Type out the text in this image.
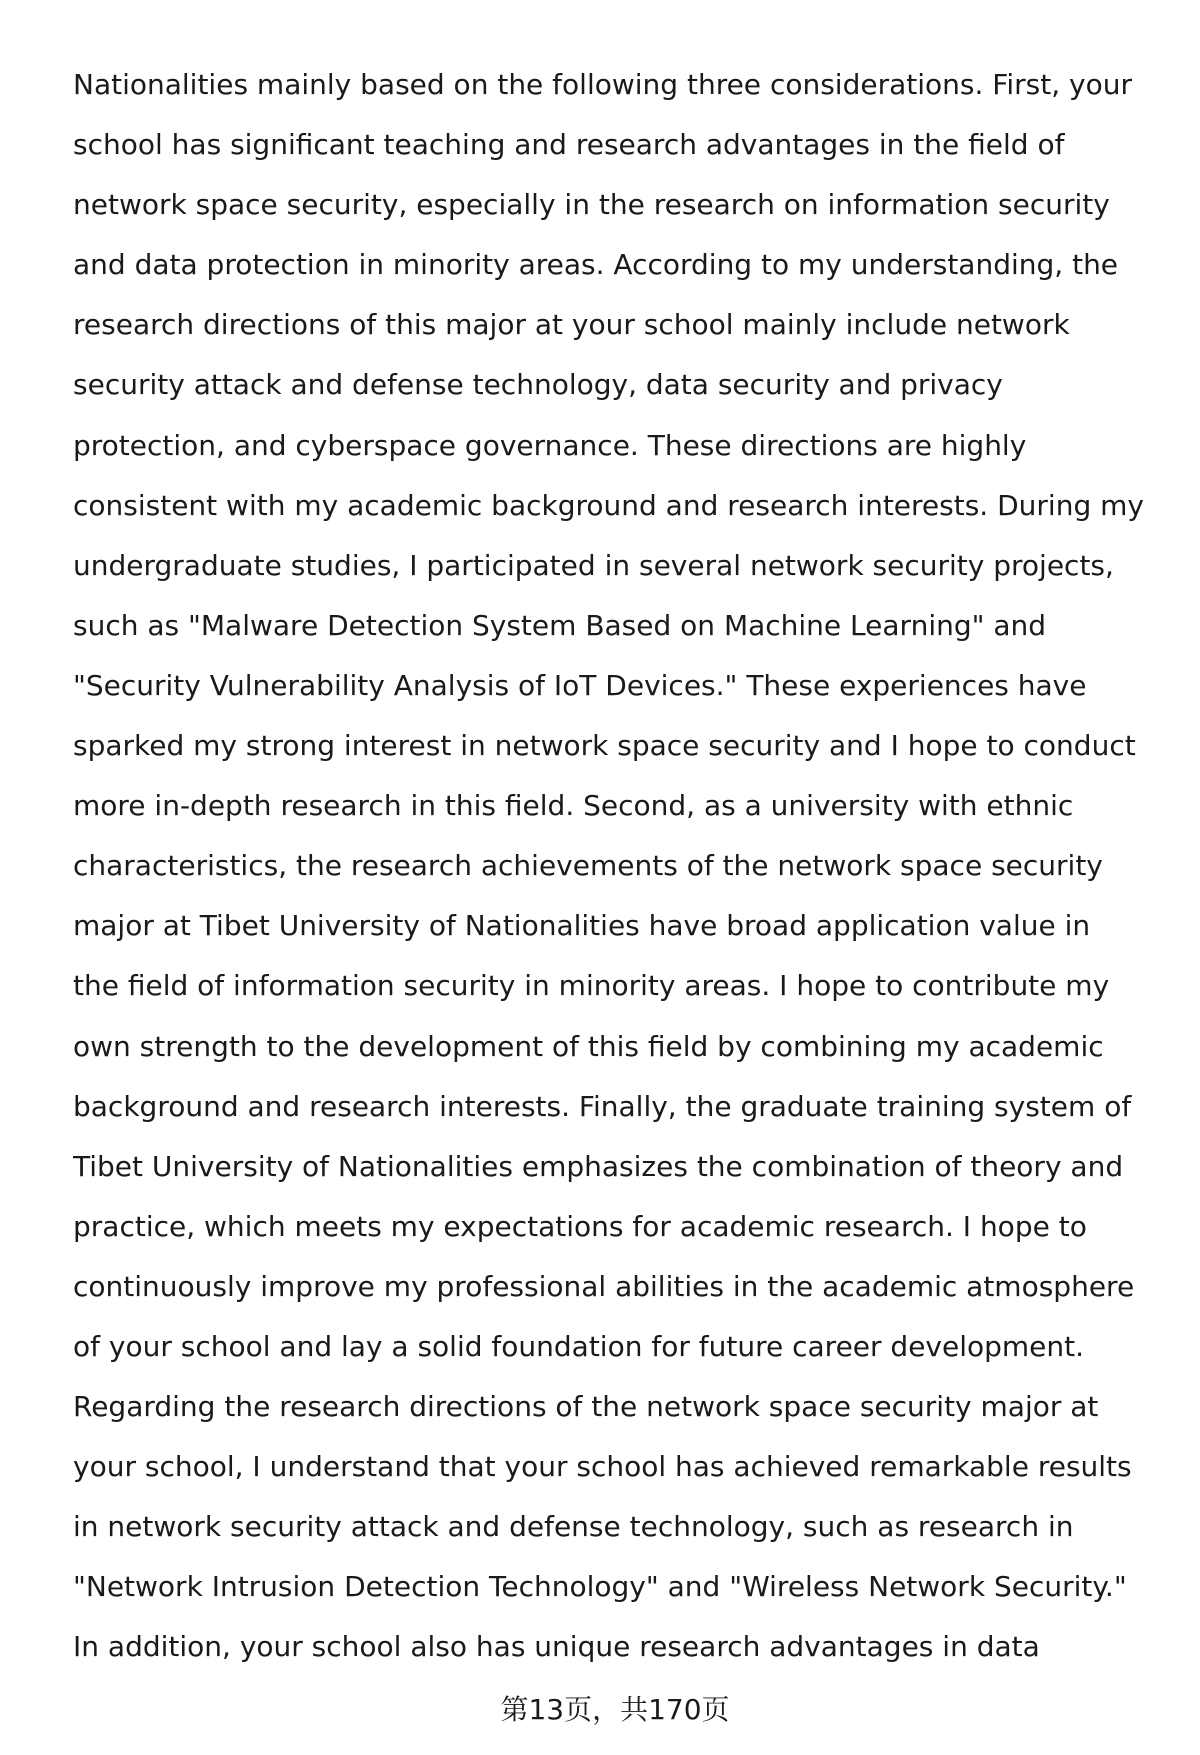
Nationalities mainly based on the following three considerations. First, your
school has significant teaching and research advantages in the field of
network space security, especially in the research on information security
and data protection in minority areas. According to my understanding, the
research directions of this major at your school mainly include network
security attack and defense technology, data security and privacy
protection, and cyberspace governance. These directions are highly
consistent with my academic background and research interests. During my
undergraduate studies, I participated in several network security projects,
such as "Malware Detection System Based on Machine Learning" and
"Security Vulnerability Analysis of IoT Devices." These experiences have
sparked my strong interest in network space security and I hope to conduct
more in-depth research in this field. Second, as a university with ethnic
characteristics, the research achievements of the network space security
major at Tibet University of Nationalities have broad application value in
the field of information security in minority areas. I hope to contribute my
own strength to the development of this field by combining my academic
background and research interests. Finally, the graduate training system of
Tibet University of Nationalities emphasizes the combination of theory and
practice, which meets my expectations for academic research. I hope to
continuously improve my professional abilities in the academic atmosphere
of your school and lay a solid foundation for future career development.
Regarding the research directions of the network space security major at
your school, I understand that your school has achieved remarkable results
in network security attack and defense technology, such as research in
"Network Intrusion Detection Technology" and "Wireless Network Security."
In addition, your school also has unique research advantages in data
第13页，共170页
